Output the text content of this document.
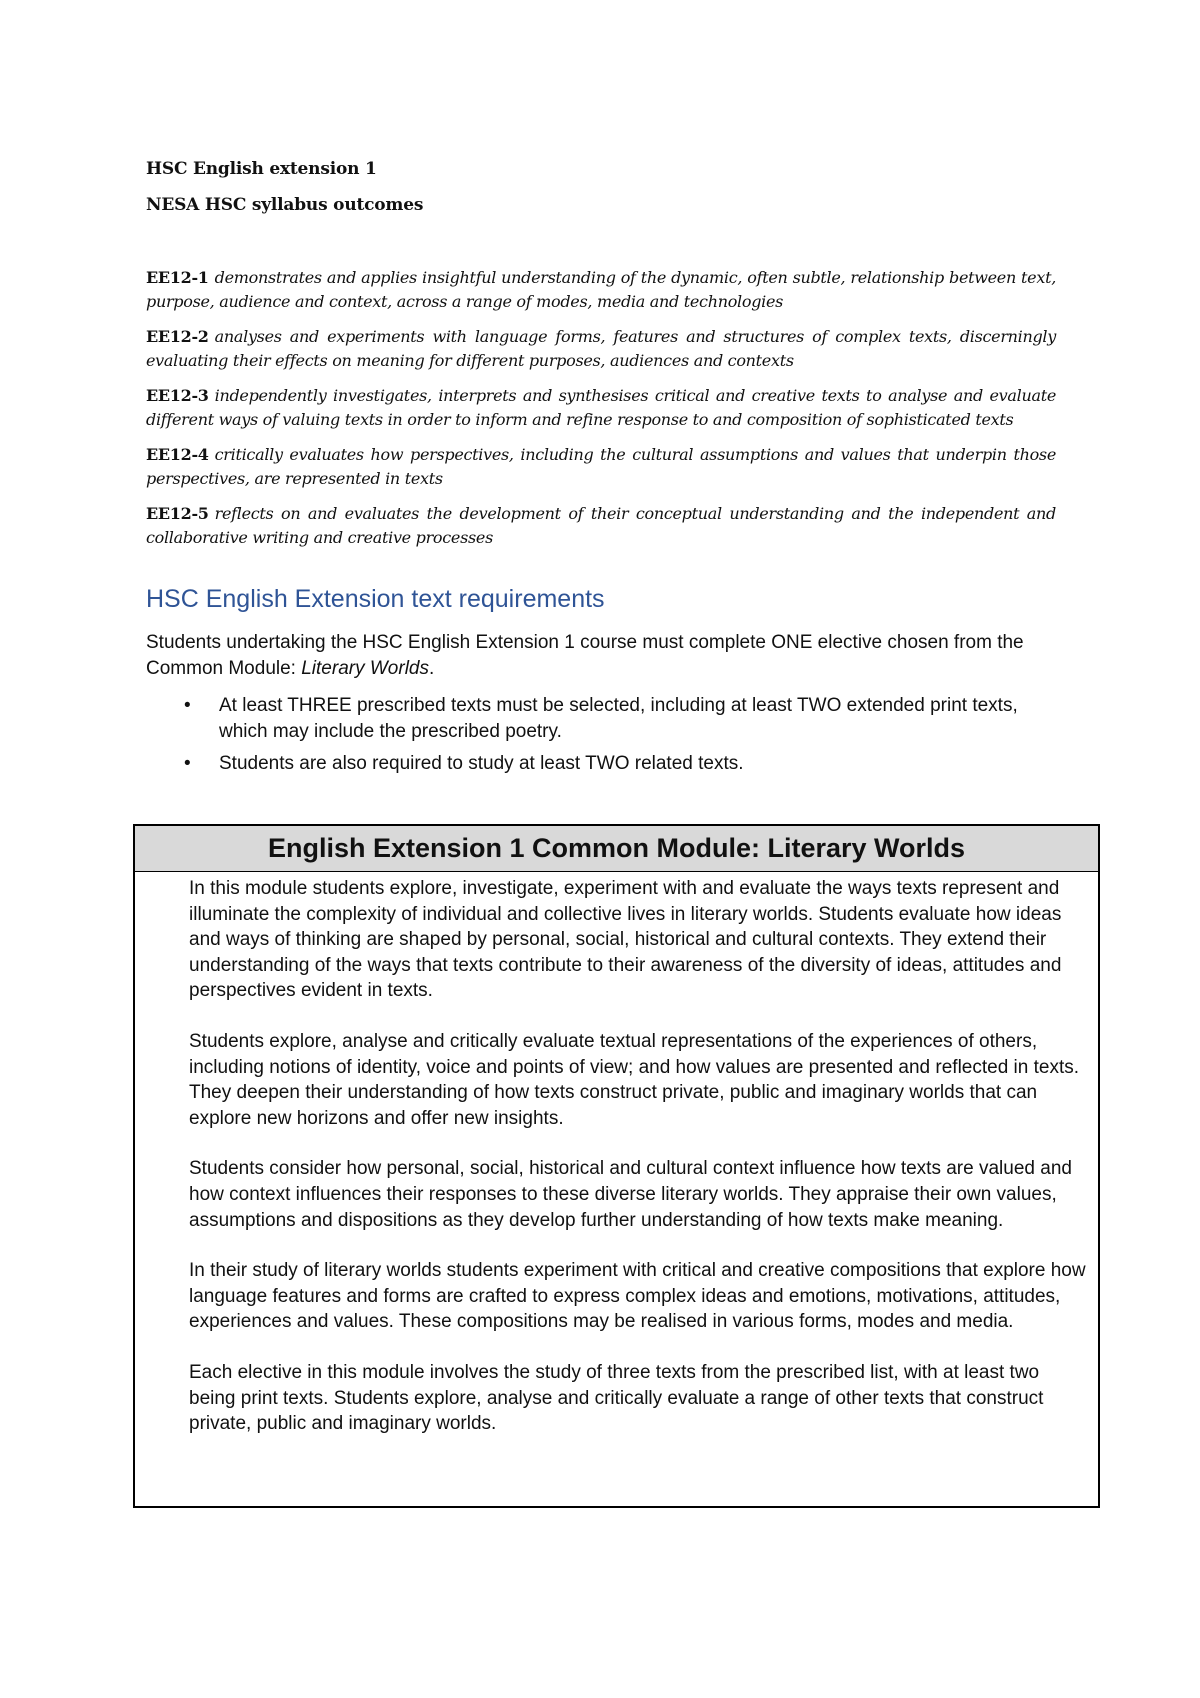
HSC English extension 1
NESA HSC syllabus outcomes

EE12-1 demonstrates and applies insightful understanding of the dynamic, often subtle, relationship between text, purpose, audience and context, across a range of modes, media and technologies

EE12-2 analyses and experiments with language forms, features and structures of complex texts, discerningly evaluating their effects on meaning for different purposes, audiences and contexts

EE12-3 independently investigates, interprets and synthesises critical and creative texts to analyse and evaluate different ways of valuing texts in order to inform and refine response to and composition of sophisticated texts

EE12-4 critically evaluates how perspectives, including the cultural assumptions and values that underpin those perspectives, are represented in texts

EE12-5 reflects on and evaluates the development of their conceptual understanding and the independent and collaborative writing and creative processes

HSC English Extension text requirements

Students undertaking the HSC English Extension 1 course must complete ONE elective chosen from the Common Module: Literary Worlds.

• At least THREE prescribed texts must be selected, including at least TWO extended print texts, which may include the prescribed poetry.
• Students are also required to study at least TWO related texts.
English Extension 1 Common Module: Literary Worlds

In this module students explore, investigate, experiment with and evaluate the ways texts represent and illuminate the complexity of individual and collective lives in literary worlds. Students evaluate how ideas and ways of thinking are shaped by personal, social, historical and cultural contexts. They extend their understanding of the ways that texts contribute to their awareness of the diversity of ideas, attitudes and perspectives evident in texts.

Students explore, analyse and critically evaluate textual representations of the experiences of others, including notions of identity, voice and points of view; and how values are presented and reflected in texts. They deepen their understanding of how texts construct private, public and imaginary worlds that can explore new horizons and offer new insights.

Students consider how personal, social, historical and cultural context influence how texts are valued and how context influences their responses to these diverse literary worlds. They appraise their own values, assumptions and dispositions as they develop further understanding of how texts make meaning.

In their study of literary worlds students experiment with critical and creative compositions that explore how language features and forms are crafted to express complex ideas and emotions, motivations, attitudes, experiences and values. These compositions may be realised in various forms, modes and media.

Each elective in this module involves the study of three texts from the prescribed list, with at least two being print texts. Students explore, analyse and critically evaluate a range of other texts that construct private, public and imaginary worlds.
